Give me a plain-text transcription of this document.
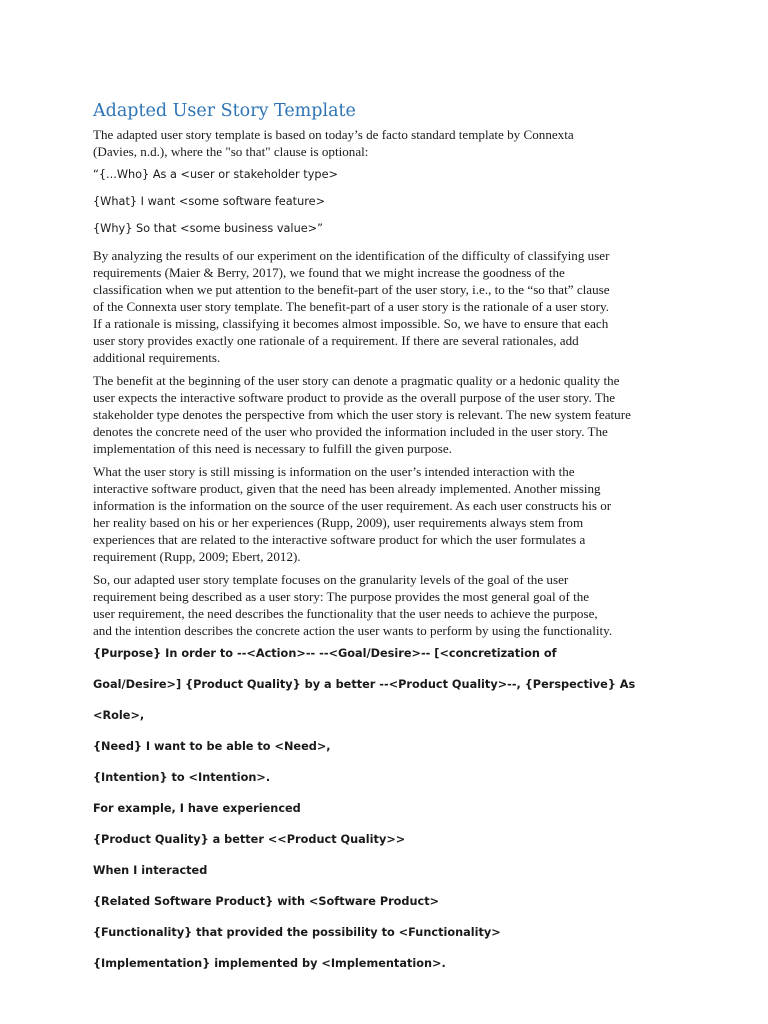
Adapted User Story Template

The adapted user story template is based on today’s de facto standard template by Connexta
(Davies, n.d.), where the "so that" clause is optional:

“{...Who} As a <user or stakeholder type>

{What} I want <some software feature>

{Why} So that <some business value>”

By analyzing the results of our experiment on the identification of the difficulty of classifying user
requirements (Maier & Berry, 2017), we found that we might increase the goodness of the
classification when we put attention to the benefit-part of the user story, i.e., to the “so that” clause
of the Connexta user story template. The benefit-part of a user story is the rationale of a user story.
If a rationale is missing, classifying it becomes almost impossible. So, we have to ensure that each
user story provides exactly one rationale of a requirement. If there are several rationales, add
additional requirements.

The benefit at the beginning of the user story can denote a pragmatic quality or a hedonic quality the
user expects the interactive software product to provide as the overall purpose of the user story. The
stakeholder type denotes the perspective from which the user story is relevant. The new system feature
denotes the concrete need of the user who provided the information included in the user story. The
implementation of this need is necessary to fulfill the given purpose.

What the user story is still missing is information on the user’s intended interaction with the
interactive software product, given that the need has been already implemented. Another missing
information is the information on the source of the user requirement. As each user constructs his or
her reality based on his or her experiences (Rupp, 2009), user requirements always stem from
experiences that are related to the interactive software product for which the user formulates a
requirement (Rupp, 2009; Ebert, 2012).

So, our adapted user story template focuses on the granularity levels of the goal of the user
requirement being described as a user story: The purpose provides the most general goal of the
user requirement, the need describes the functionality that the user needs to achieve the purpose,
and the intention describes the concrete action the user wants to perform by using the functionality.

{Purpose} In order to --<Action>-- --<Goal/Desire>-- [<concretization of

Goal/Desire>] {Product Quality} by a better --<Product Quality>--, {Perspective} As

<Role>,

{Need} I want to be able to <Need>,

{Intention} to <Intention>.

For example, I have experienced

{Product Quality} a better <<Product Quality>>

When I interacted

{Related Software Product} with <Software Product>

{Functionality} that provided the possibility to <Functionality>

{Implementation} implemented by <Implementation>.
